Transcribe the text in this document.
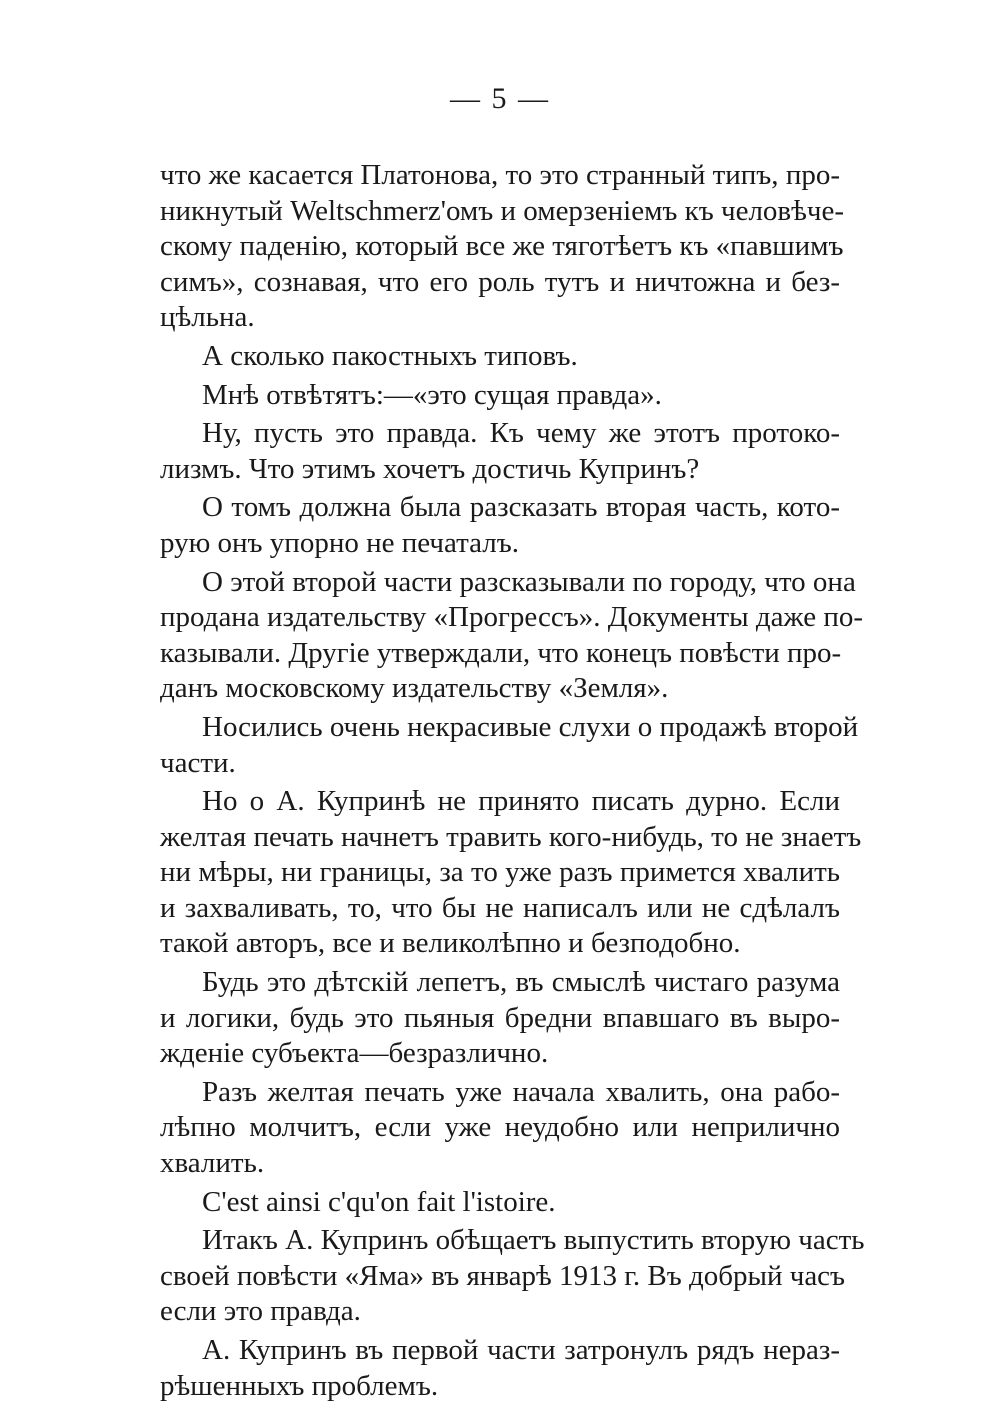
— 5 —
что же касается Платонова, то это странный типъ, про-
никнутый Weltschmerz'омъ и омерзенiемъ къ человѣче-
скому паденiю, который все же тяготѣетъ къ «павшимъ
симъ», сознавая, что его роль тутъ и ничтожна и без-
цѣльна.
А сколько пакостныхъ типовъ.
Мнѣ отвѣтятъ:—«это сущая правда».
Ну, пусть это правда. Къ чему же этотъ протоко-
лизмъ. Что этимъ хочетъ достичь Купринъ?
О томъ должна была разсказать вторая часть, кото-
рую онъ упорно не печаталъ.
О этой второй части разсказывали по городу, что она
продана издательству «Прогрессъ». Документы даже по-
казывали. Другiе утверждали, что конецъ повѣсти про-
данъ московскому издательству «Земля».
Носились очень некрасивые слухи о продажѣ второй
части.
Но о А. Купринѣ не принято писать дурно. Если
желтая печать начнетъ травить кого-нибудь, то не знаетъ
ни мѣры, ни границы, за то уже разъ примется хвалить
и захваливать, то, что бы не написалъ или не сдѣлалъ
такой авторъ, все и великолѣпно и безподобно.
Будь это дѣтскiй лепетъ, въ смыслѣ чистаго разума
и логики, будь это пьяныя бредни впавшаго въ выро-
жденiе субъекта—безразлично.
Разъ желтая печать уже начала хвалить, она рабо-
лѣпно молчитъ, если уже неудобно или неприлично
хвалить.
C'est ainsi c'qu'on fait l'istoire.
Итакъ А. Купринъ обѣщаетъ выпустить вторую часть
своей повѣсти «Яма» въ январѣ 1913 г. Въ добрый часъ
если это правда.
А. Купринъ въ первой части затронулъ рядъ нераз-
рѣшенныхъ проблемъ.
